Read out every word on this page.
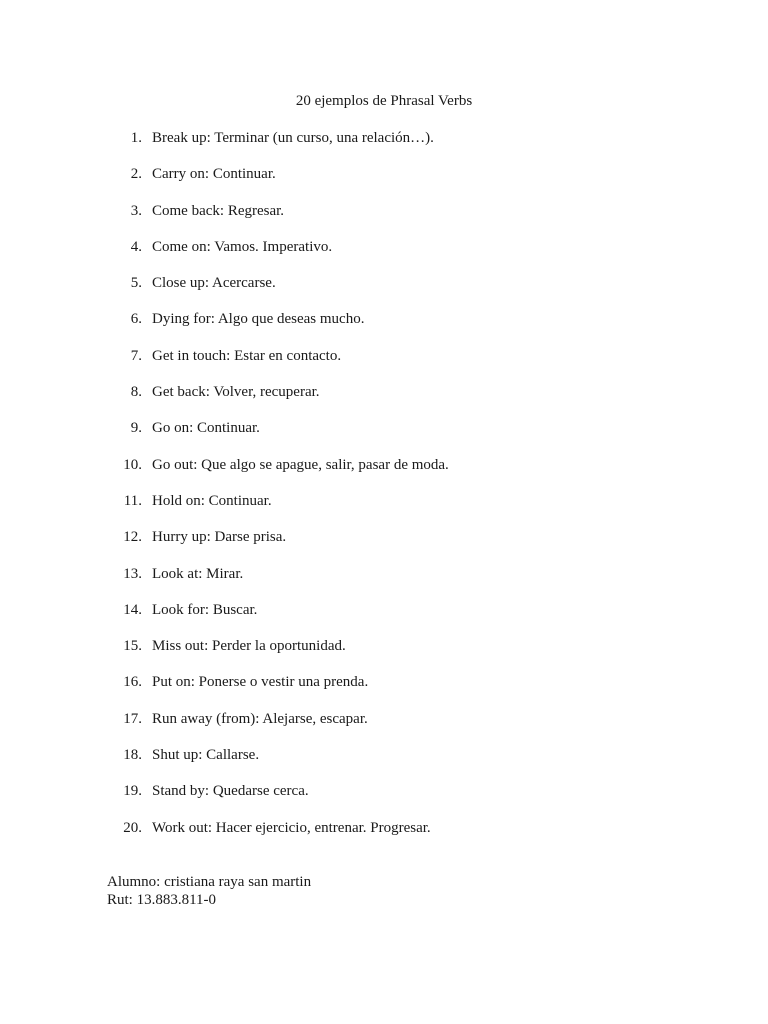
20 ejemplos de Phrasal Verbs
1. Break up: Terminar (un curso, una relación…).
2. Carry on: Continuar.
3. Come back: Regresar.
4. Come on: Vamos. Imperativo.
5. Close up: Acercarse.
6. Dying for: Algo que deseas mucho.
7. Get in touch: Estar en contacto.
8. Get back: Volver, recuperar.
9. Go on: Continuar.
10. Go out: Que algo se apague, salir, pasar de moda.
11. Hold on: Continuar.
12. Hurry up: Darse prisa.
13. Look at: Mirar.
14. Look for: Buscar.
15. Miss out: Perder la oportunidad.
16. Put on: Ponerse o vestir una prenda.
17. Run away (from): Alejarse, escapar.
18. Shut up: Callarse.
19. Stand by: Quedarse cerca.
20. Work out: Hacer ejercicio, entrenar. Progresar.
Alumno: cristiana raya san martin
Rut: 13.883.811-0
